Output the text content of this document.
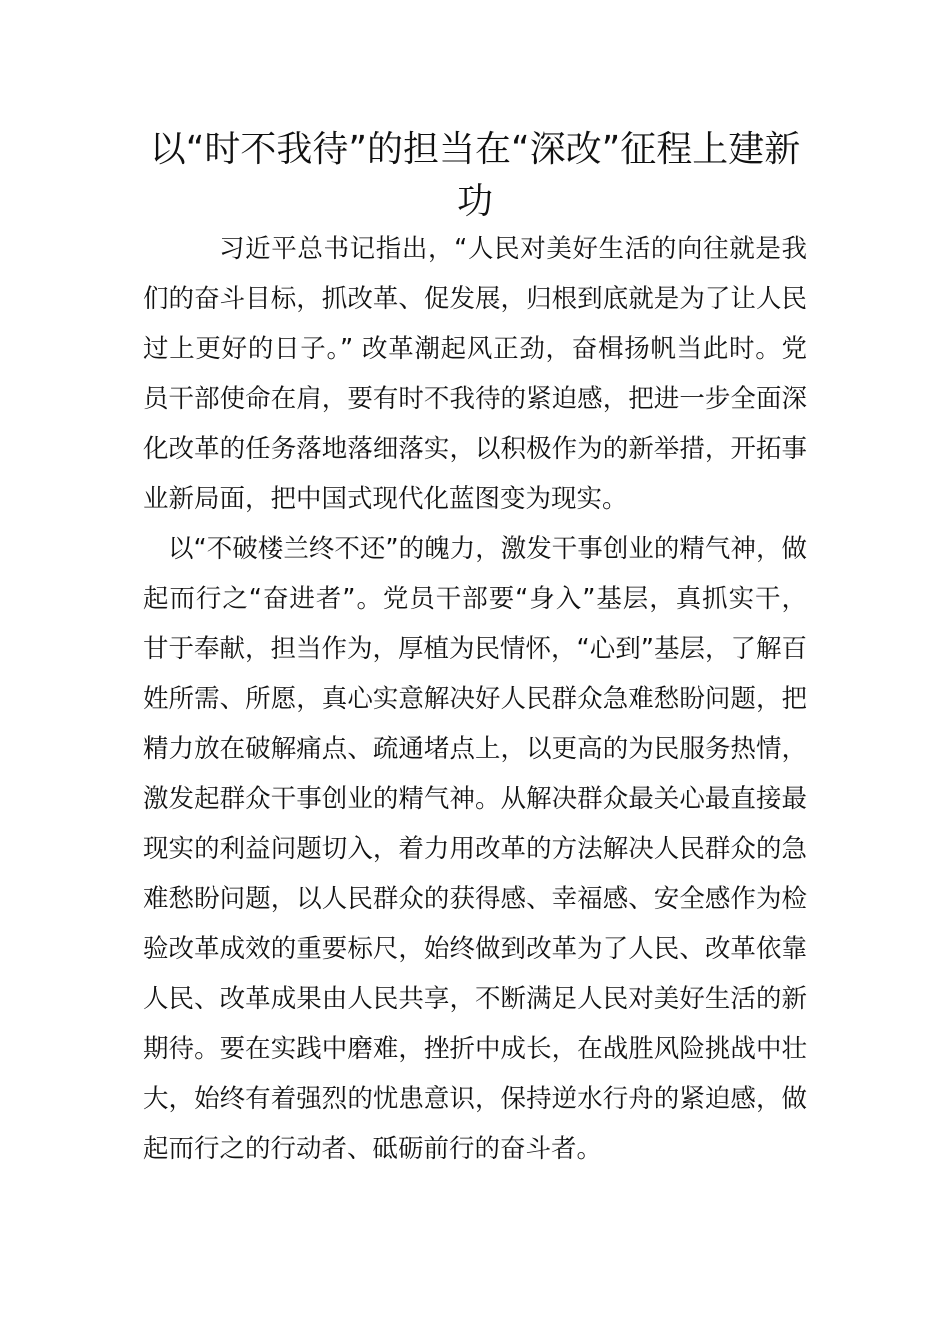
以“时不我待”的担当在“深改”征程上建新功

习近平总书记指出，“人民对美好生活的向往就是我们的奋斗目标，抓改革、促发展，归根到底就是为了让人民过上更好的日子。” 改革潮起风正劲，奋楫扬帆当此时。党员干部使命在肩，要有时不我待的紧迫感，把进一步全面深化改革的任务落地落细落实，以积极作为的新举措，开拓事业新局面，把中国式现代化蓝图变为现实。

以“不破楼兰终不还”的魄力，激发干事创业的精气神，做起而行之“奋进者”。党员干部要“身入”基层，真抓实干，甘于奉献，担当作为，厚植为民情怀，“心到”基层，了解百姓所需、所愿，真心实意解决好人民群众急难愁盼问题，把精力放在破解痛点、疏通堵点上，以更高的为民服务热情，激发起群众干事创业的精气神。从解决群众最关心最直接最现实的利益问题切入，着力用改革的方法解决人民群众的急难愁盼问题，以人民群众的获得感、幸福感、安全感作为检验改革成效的重要标尺，始终做到改革为了人民、改革依靠人民、改革成果由人民共享，不断满足人民对美好生活的新期待。要在实践中磨难，挫折中成长，在战胜风险挑战中壮大，始终有着强烈的忧患意识，保持逆水行舟的紧迫感，做起而行之的行动者、砥砺前行的奋斗者。
